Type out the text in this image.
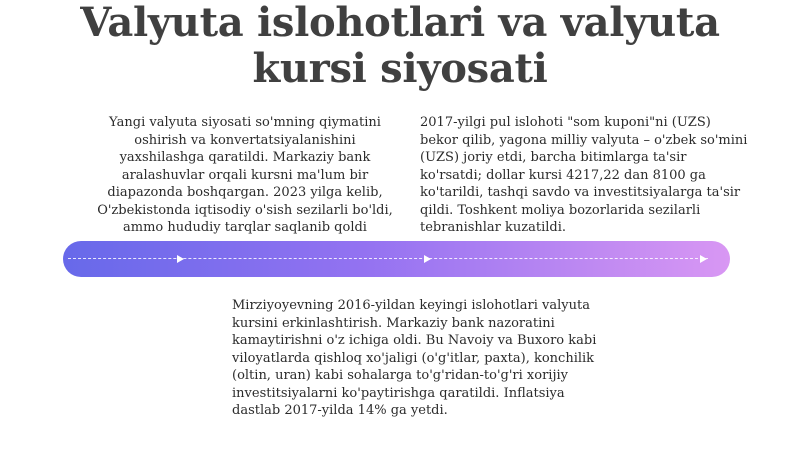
Valyuta islohotlari va valyuta
kursi siyosati
Yangi valyuta siyosati so'mning qiymatini oshirish va konvertatsiyalanishini yaxshilashga qaratildi. Markaziy bank aralashuvlar orqali kursni ma'lum bir diapazonda boshqargan. 2023 yilga kelib, O'zbekistonda iqtisodiy o'sish sezilarli bo'ldi, ammo hududiy tarqlar saqlanib qoldi
2017-yilgi pul islohoti "som kuponi"ni (UZS) bekor qilib, yagona milliy valyuta – o'zbek so'mini (UZS) joriy etdi, barcha bitimlarga ta'sir ko'rsatdi; dollar kursi 4217,22 dan 8100 ga ko'tarildi, tashqi savdo va investitsiyalarga ta'sir qildi. Toshkent moliya bozorlarida sezilarli tebranishlar kuzatildi.
Mirziyoyevning 2016-yildan keyingi islohotlari valyuta kursini erkinlashtirish. Markaziy bank nazoratini kamaytirishni o'z ichiga oldi. Bu Navoiy va Buxoro kabi viloyatlarda qishloq xo'jaligi (o'g'itlar, paxta), konchilik (oltin, uran) kabi sohalarga to'g'ridan-to'g'ri xorijiy investitsiyalarni ko'paytirishga qaratildi. Inflatsiya dastlab 2017-yilda 14% ga yetdi.
